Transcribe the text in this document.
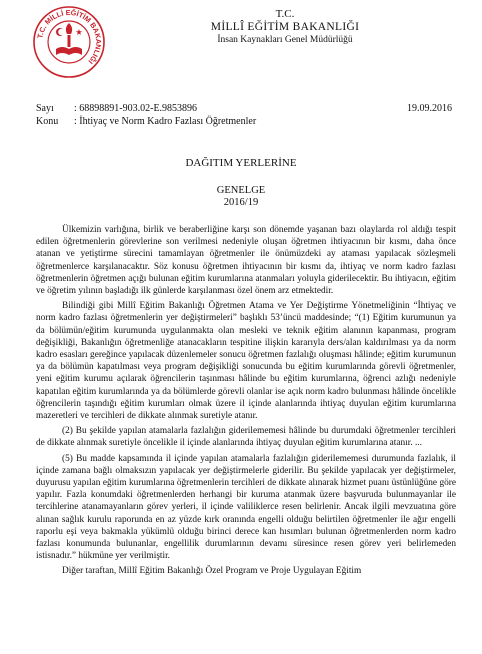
T.C. MİLLİ EĞİTİM BAKANLIĞI
T.C.
MİLLÎ EĞİTİM BAKANLIĞI
İnsan Kaynakları Genel Müdürlüğü
Sayı : 68898891-903.02-E.9853896	19.09.2016
Konu : İhtiyaç ve Norm Kadro Fazlası Öğretmenler
DAĞITIM YERLERİNE
GENELGE
2016/19

Ülkemizin varlığına, birlik ve beraberliğine karşı son dönemde yaşanan bazı olaylarda rol aldığı tespit edilen öğretmenlerin görevlerine son verilmesi nedeniyle oluşan öğretmen ihtiyacının bir kısmı, daha önce atanan ve yetiştirme sürecini tamamlayan öğretmenler ile önümüzdeki ay ataması yapılacak sözleşmeli öğretmenlerce karşılanacaktır. Söz konusu öğretmen ihtiyacının bir kısmı da, ihtiyaç ve norm kadro fazlası öğretmenlerin öğretmen açığı bulunan eğitim kurumlarına atanmaları yoluyla giderilecektir. Bu ihtiyacın, eğitim ve öğretim yılının başladığı ilk günlerde karşılanması özel önem arz etmektedir.

Bilindiği gibi Millî Eğitim Bakanlığı Öğretmen Atama ve Yer Değiştirme Yönetmeliğinin “İhtiyaç ve norm kadro fazlası öğretmenlerin yer değiştirmeleri” başlıklı 53’üncü maddesinde; “(1) Eğitim kurumunun ya da bölümün/eğitim kurumunda uygulanmakta olan mesleki ve teknik eğitim alanının kapanması, program değişikliği, Bakanlığın öğretmenliğe atanacakların tespitine ilişkin kararıyla ders/alan kaldırılması ya da norm kadro esasları gereğince yapılacak düzenlemeler sonucu öğretmen fazlalığı oluşması hâlinde; eğitim kurumunun ya da bölümün kapatılması veya program değişikliği sonucunda bu eğitim kurumlarında görevli öğretmenler, yeni eğitim kurumu açılarak öğrencilerin taşınması hâlinde bu eğitim kurumlarına, öğrenci azlığı nedeniyle kapatılan eğitim kurumlarında ya da bölümlerde görevli olanlar ise açık norm kadro bulunması hâlinde öncelikle öğrencilerin taşındığı eğitim kurumları olmak üzere il içinde alanlarında ihtiyaç duyulan eğitim kurumlarına mazeretleri ve tercihleri de dikkate alınmak suretiyle atanır.

(2) Bu şekilde yapılan atamalarla fazlalığın giderilememesi hâlinde bu durumdaki öğretmenler tercihleri de dikkate alınmak suretiyle öncelikle il içinde alanlarında ihtiyaç duyulan eğitim kurumlarına atanır. ...

(5) Bu madde kapsamında il içinde yapılan atamalarla fazlalığın giderilememesi durumunda fazlalık, il içinde zamana bağlı olmaksızın yapılacak yer değiştirmelerle giderilir. Bu şekilde yapılacak yer değiştirmeler, duyurusu yapılan eğitim kurumlarına öğretmenlerin tercihleri de dikkate alınarak hizmet puanı üstünlüğüne göre yapılır. Fazla konumdaki öğretmenlerden herhangi bir kuruma atanmak üzere başvuruda bulunmayanlar ile tercihlerine atanamayanların görev yerleri, il içinde valiliklerce resen belirlenir. Ancak ilgili mevzuatına göre alınan sağlık kurulu raporunda en az yüzde kırk oranında engelli olduğu belirtilen öğretmenler ile ağır engelli raporlu eşi veya bakmakla yükümlü olduğu birinci derece kan hısımları bulunan öğretmenlerden norm kadro fazlası konumunda bulunanlar, engellilik durumlarının devamı süresince resen görev yeri belirlemeden istisnadır.” hükmüne yer verilmiştir.

Diğer taraftan, Millî Eğitim Bakanlığı Özel Program ve Proje Uygulayan Eğitim
